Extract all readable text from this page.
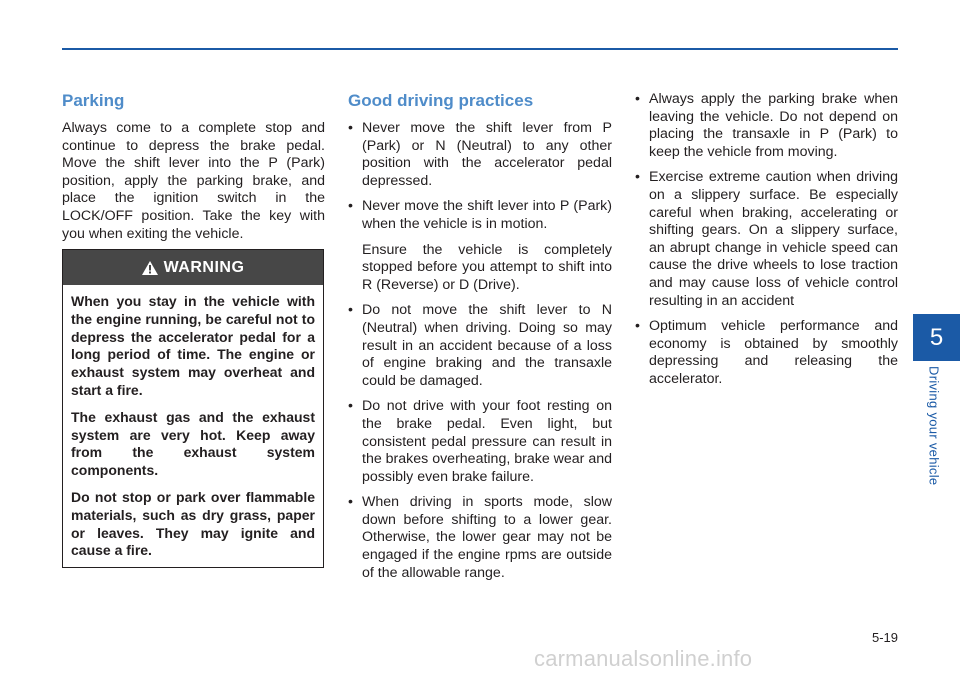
Parking

Always come to a complete stop and continue to depress the brake pedal. Move the shift lever into the P (Park) position, apply the parking brake, and place the ignition switch in the LOCK/OFF position. Take the key with you when exiting the vehicle.

WARNING

When you stay in the vehicle with the engine running, be careful not to depress the accelerator pedal for a long period of time. The engine or exhaust system may overheat and start a fire.

The exhaust gas and the exhaust system are very hot. Keep away from the exhaust system components.

Do not stop or park over flammable materials, such as dry grass, paper or leaves. They may ignite and cause a fire.

Good driving practices
• Never move the shift lever from P (Park) or N (Neutral) to any other position with the accelerator pedal depressed.
• Never move the shift lever into P (Park) when the vehicle is in motion.
Ensure the vehicle is completely stopped before you attempt to shift into R (Reverse) or D (Drive).
• Do not move the shift lever to N (Neutral) when driving. Doing so may result in an accident because of a loss of engine braking and the transaxle could be damaged.
• Do not drive with your foot resting on the brake pedal. Even light, but consistent pedal pressure can result in the brakes overheating, brake wear and possibly even brake failure.
• When driving in sports mode, slow down before shifting to a lower gear. Otherwise, the lower gear may not be engaged if the engine rpms are outside of the allowable range.
• Always apply the parking brake when leaving the vehicle. Do not depend on placing the transaxle in P (Park) to keep the vehicle from moving.
• Exercise extreme caution when driving on a slippery surface. Be especially careful when braking, accelerating or shifting gears. On a slippery surface, an abrupt change in vehicle speed can cause the drive wheels to lose traction and may cause loss of vehicle control resulting in an accident
• Optimum vehicle performance and economy is obtained by smoothly depressing and releasing the accelerator.
5
Driving your vehicle
5-19
carmanualsonline.info
